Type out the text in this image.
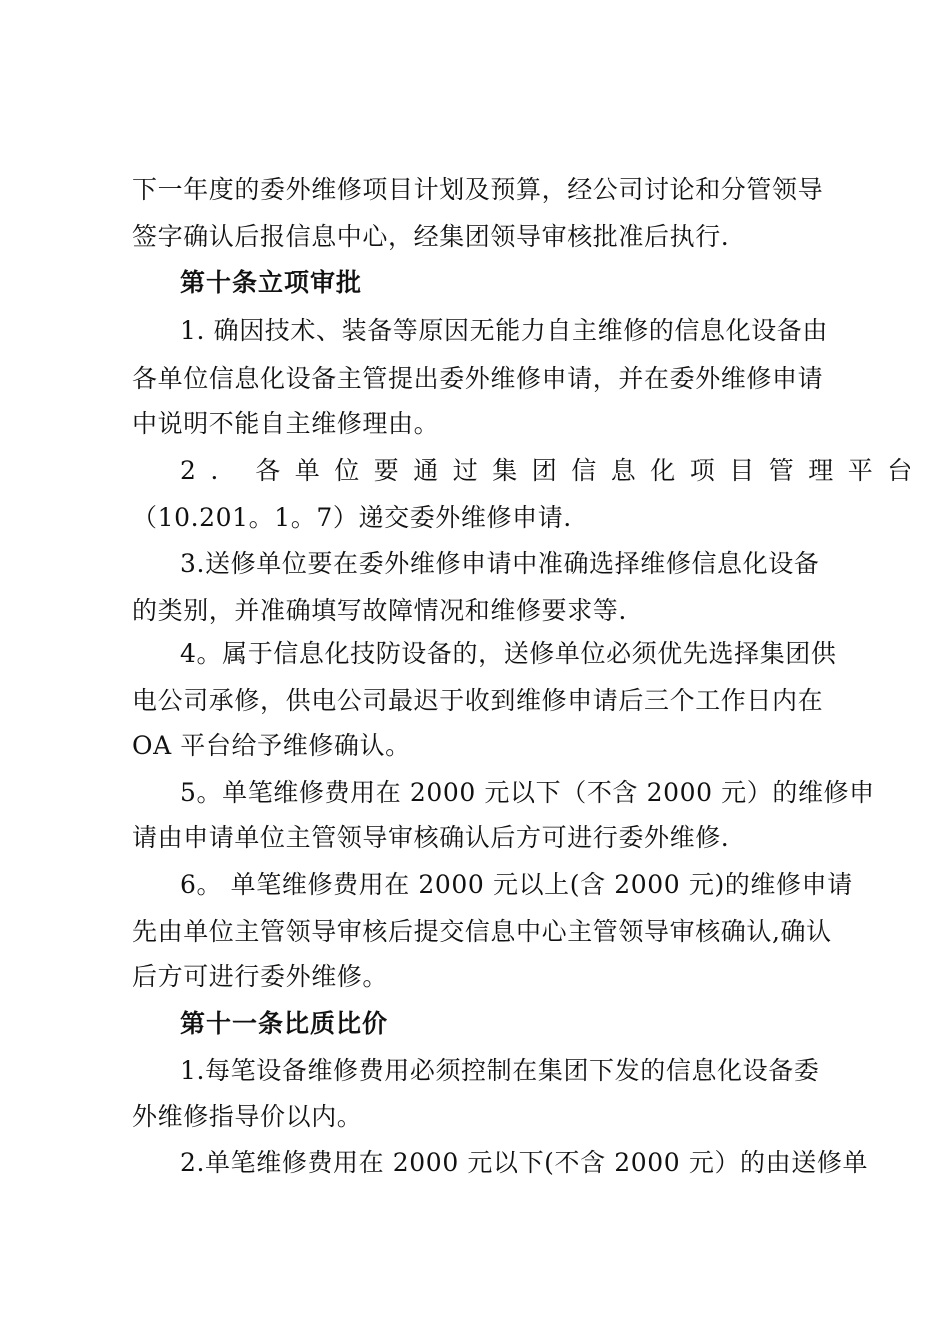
下一年度的委外维修项目计划及预算，经公司讨论和分管领导
签字确认后报信息中心，经集团领导审核批准后执行.
第十条立项审批
1. 确因技术、装备等原因无能力自主维修的信息化设备由
各单位信息化设备主管提出委外维修申请，并在委外维修申请
中说明不能自主维修理由。
2. 各单位要通过集团信息化项目管理平台
（10.201。1。7）递交委外维修申请.
3.送修单位要在委外维修申请中准确选择维修信息化设备
的类别，并准确填写故障情况和维修要求等.
4。属于信息化技防设备的，送修单位必须优先选择集团供
电公司承修，供电公司最迟于收到维修申请后三个工作日内在
OA 平台给予维修确认。
5。单笔维修费用在 2000 元以下（不含 2000 元）的维修申
请由申请单位主管领导审核确认后方可进行委外维修.
6。 单笔维修费用在 2000 元以上(含 2000 元)的维修申请
先由单位主管领导审核后提交信息中心主管领导审核确认,确认
后方可进行委外维修。
第十一条比质比价
1.每笔设备维修费用必须控制在集团下发的信息化设备委
外维修指导价以内。
2.单笔维修费用在 2000 元以下(不含 2000 元）的由送修单
